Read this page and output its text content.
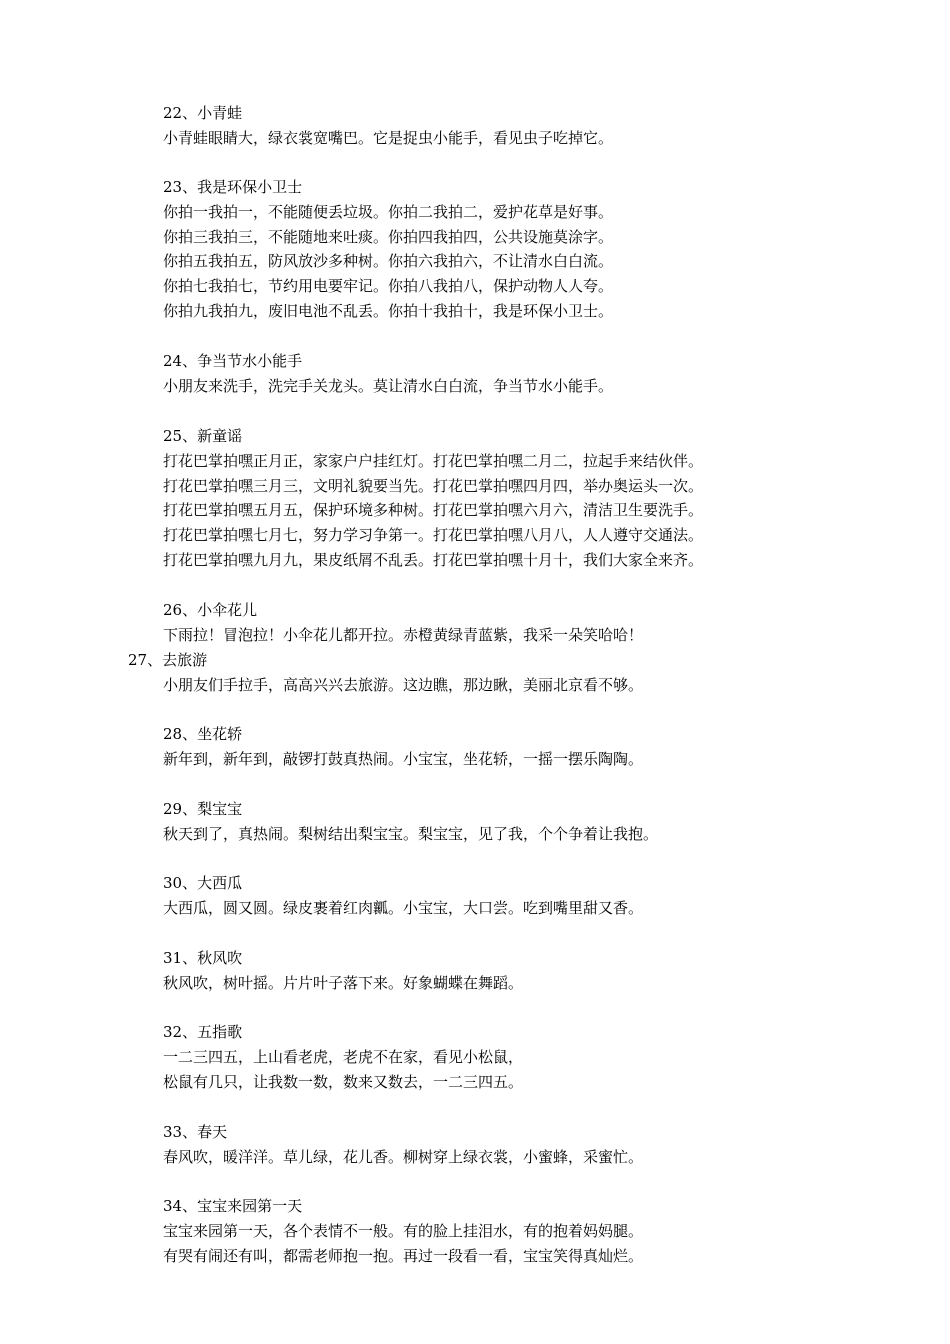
22、小青蛙
小青蛙眼睛大，绿衣裳宽嘴巴。它是捉虫小能手，看见虫子吃掉它。
23、我是环保小卫士
你拍一我拍一，不能随便丢垃圾。你拍二我拍二，爱护花草是好事。
你拍三我拍三，不能随地来吐痰。你拍四我拍四，公共设施莫涂字。
你拍五我拍五，防风放沙多种树。你拍六我拍六，不让清水白白流。
你拍七我拍七，节约用电要牢记。你拍八我拍八，保护动物人人夸。
你拍九我拍九，废旧电池不乱丢。你拍十我拍十，我是环保小卫士。
24、争当节水小能手
小朋友来洗手，洗完手关龙头。莫让清水白白流，争当节水小能手。
25、新童谣
打花巴掌拍嘿正月正，家家户户挂红灯。打花巴掌拍嘿二月二，拉起手来结伙伴。
打花巴掌拍嘿三月三，文明礼貌要当先。打花巴掌拍嘿四月四，举办奥运头一次。
打花巴掌拍嘿五月五，保护环境多种树。打花巴掌拍嘿六月六，清洁卫生要洗手。
打花巴掌拍嘿七月七，努力学习争第一。打花巴掌拍嘿八月八，人人遵守交通法。
打花巴掌拍嘿九月九，果皮纸屑不乱丢。打花巴掌拍嘿十月十，我们大家全来齐。
26、小伞花儿
下雨拉！冒泡拉！小伞花儿都开拉。赤橙黄绿青蓝紫，我采一朵笑哈哈！
27、去旅游
小朋友们手拉手，高高兴兴去旅游。这边瞧，那边瞅，美丽北京看不够。
28、坐花轿
新年到，新年到，敲锣打鼓真热闹。小宝宝，坐花轿，一摇一摆乐陶陶。
29、梨宝宝
秋天到了，真热闹。梨树结出梨宝宝。梨宝宝，见了我，个个争着让我抱。
30、大西瓜
大西瓜，圆又圆。绿皮裹着红肉瓤。小宝宝，大口尝。吃到嘴里甜又香。
31、秋风吹
秋风吹，树叶摇。片片叶子落下来。好象蝴蝶在舞蹈。
32、五指歌
一二三四五，上山看老虎，老虎不在家，看见小松鼠，
松鼠有几只，让我数一数，数来又数去，一二三四五。
33、春天
春风吹，暖洋洋。草儿绿，花儿香。柳树穿上绿衣裳，小蜜蜂，采蜜忙。
34、宝宝来园第一天
宝宝来园第一天，各个表情不一般。有的脸上挂泪水，有的抱着妈妈腿。
有哭有闹还有叫，都需老师抱一抱。再过一段看一看，宝宝笑得真灿烂。
